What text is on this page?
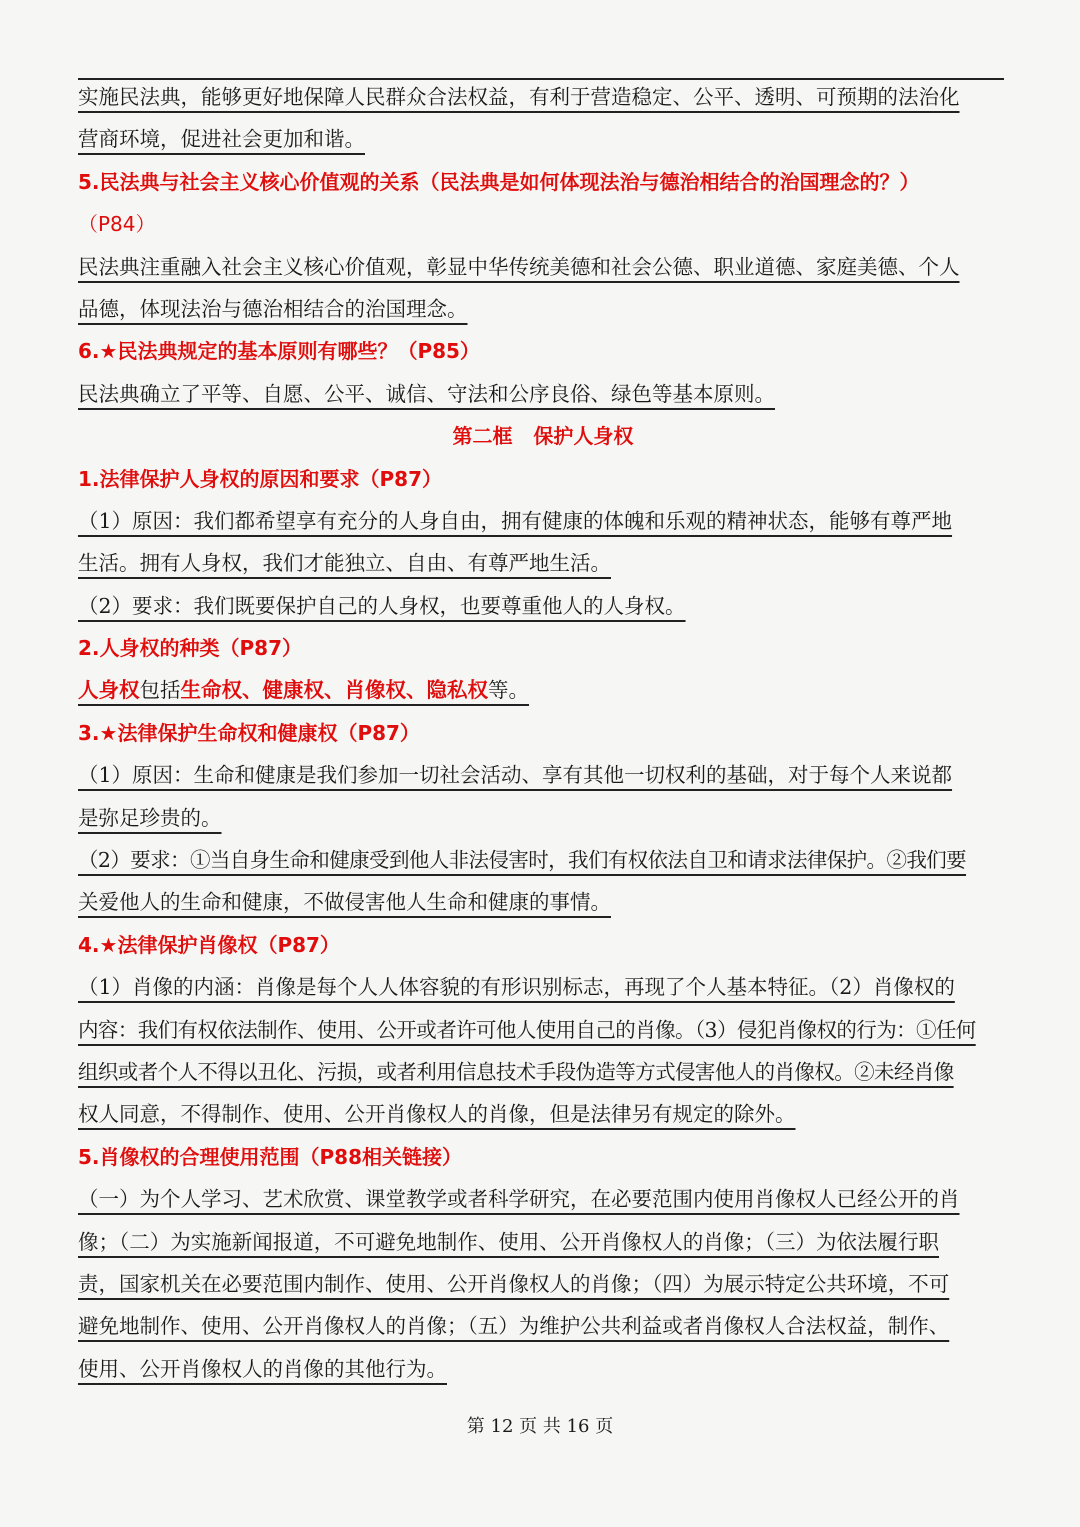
实施民法典，能够更好地保障人民群众合法权益，有利于营造稳定、公平、透明、可预期的法治化
营商环境，促进社会更加和谐。
5.民法典与社会主义核心价值观的关系（民法典是如何体现法治与德治相结合的治国理念的？）
（P84）
民法典注重融入社会主义核心价值观，彰显中华传统美德和社会公德、职业道德、家庭美德、个人
品德，体现法治与德治相结合的治国理念。
6.★民法典规定的基本原则有哪些？（P85）
民法典确立了平等、自愿、公平、诚信、守法和公序良俗、绿色等基本原则。
第二框   保护人身权
1.法律保护人身权的原因和要求（P87）
（1）原因：我们都希望享有充分的人身自由，拥有健康的体魄和乐观的精神状态，能够有尊严地
生活。拥有人身权，我们才能独立、自由、有尊严地生活。
（2）要求：我们既要保护自己的人身权，也要尊重他人的人身权。
2.人身权的种类（P87）
人身权包括生命权、健康权、肖像权、隐私权等。
3.★法律保护生命权和健康权（P87）
（1）原因：生命和健康是我们参加一切社会活动、享有其他一切权利的基础，对于每个人来说都
是弥足珍贵的。
（2）要求：①当自身生命和健康受到他人非法侵害时，我们有权依法自卫和请求法律保护。②我们要
关爱他人的生命和健康，不做侵害他人生命和健康的事情。
4.★法律保护肖像权（P87）
（1）肖像的内涵：肖像是每个人人体容貌的有形识别标志，再现了个人基本特征。（2）肖像权的
内容：我们有权依法制作、使用、公开或者许可他人使用自己的肖像。（3）侵犯肖像权的行为：①任何
组织或者个人不得以丑化、污损，或者利用信息技术手段伪造等方式侵害他人的肖像权。②未经肖像
权人同意，不得制作、使用、公开肖像权人的肖像，但是法律另有规定的除外。
5.肖像权的合理使用范围（P88相关链接）
（一）为个人学习、艺术欣赏、课堂教学或者科学研究，在必要范围内使用肖像权人已经公开的肖
像；（二）为实施新闻报道，不可避免地制作、使用、公开肖像权人的肖像；（三）为依法履行职
责，国家机关在必要范围内制作、使用、公开肖像权人的肖像；（四）为展示特定公共环境，不可
避免地制作、使用、公开肖像权人的肖像；（五）为维护公共利益或者肖像权人合法权益，制作、
使用、公开肖像权人的肖像的其他行为。
第 12 页 共 16 页
